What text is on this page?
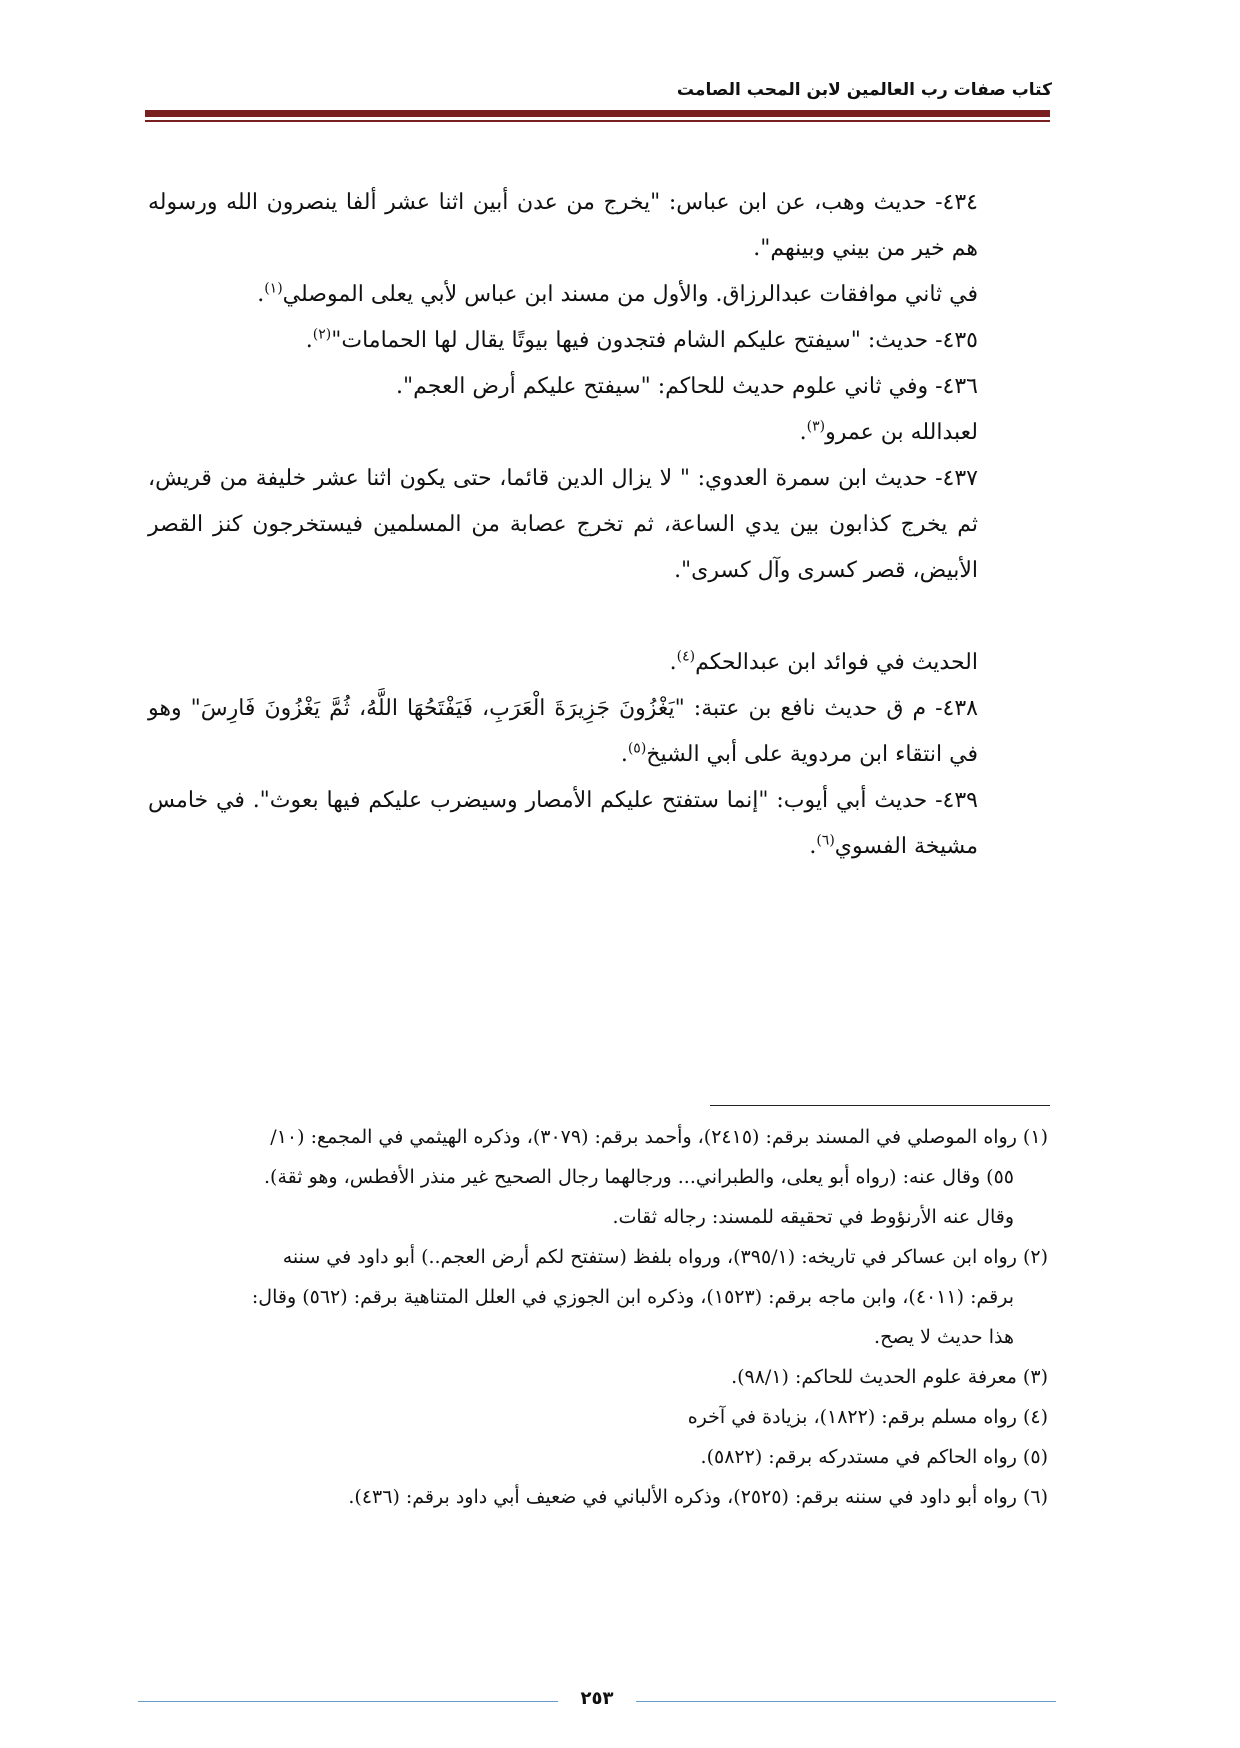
كتاب صفات رب العالمين لابن المحب الصامت

٤٣٤- حديث وهب، عن ابن عباس: "يخرج من عدن أبين اثنا عشر ألفا ينصرون الله ورسوله هم خير من بيني وبينهم".

في ثاني موافقات عبدالرزاق. والأول من مسند ابن عباس لأبي يعلى الموصلي$^{(١)}$.

٤٣٥- حديث: "سيفتح عليكم الشام فتجدون فيها بيوتًا يقال لها الحمامات"$^{(٢)}$.

٤٣٦- وفي ثاني علوم حديث للحاكم: "سيفتح عليكم أرض العجم".

لعبدالله بن عمرو$^{(٣)}$.

٤٣٧- حديث ابن سمرة العدوي: " لا يزال الدين قائما، حتى يكون اثنا عشر خليفة من قريش، ثم يخرج كذابون بين يدي الساعة، ثم تخرج عصابة من المسلمين فيستخرجون كنز القصر الأبيض، قصر كسرى وآل كسرى".

الحديث في فوائد ابن عبدالحكم$^{(٤)}$.

٤٣٨- م ق حديث نافع بن عتبة: "يَغْزُونَ جَزِيرَةَ الْعَرَبِ، فَيَفْتَحُهَا اللَّهُ، ثُمَّ يَغْزُونَ فَارِسَ" وهو في انتقاء ابن مردوية على أبي الشيخ$^{(٥)}$.

٤٣٩- حديث أبي أيوب: "إنما ستفتح عليكم الأمصار وسيضرب عليكم فيها بعوث". في خامس مشيخة الفسوي$^{(٦)}$.

(١) رواه الموصلي في المسند برقم: (٢٤١٥)، وأحمد برقم: (٣٠٧٩)، وذكره الهيثمي في المجمع: (١٠/

٥٥) وقال عنه: (رواه أبو يعلى، والطبراني... ورجالهما رجال الصحيح غير منذر الأفطس، وهو ثقة).

وقال عنه الأرنؤوط في تحقيقه للمسند: رجاله ثقات.

(٢) رواه ابن عساكر في تاريخه: (٣٩٥/١)، ورواه بلفظ (ستفتح لكم أرض العجم..) أبو داود في سننه

برقم: (٤٠١١)، وابن ماجه برقم: (١٥٢٣)، وذكره ابن الجوزي في العلل المتناهية برقم: (٥٦٢) وقال:

هذا حديث لا يصح.

(٣) معرفة علوم الحديث للحاكم: (٩٨/١).

(٤) رواه مسلم برقم: (١٨٢٢)، بزيادة في آخره

(٥) رواه الحاكم في مستدركه برقم: (٥٨٢٢).

(٦) رواه أبو داود في سننه برقم: (٢٥٢٥)، وذكره الألباني في ضعيف أبي داود برقم: (٤٣٦).

٢٥٣
